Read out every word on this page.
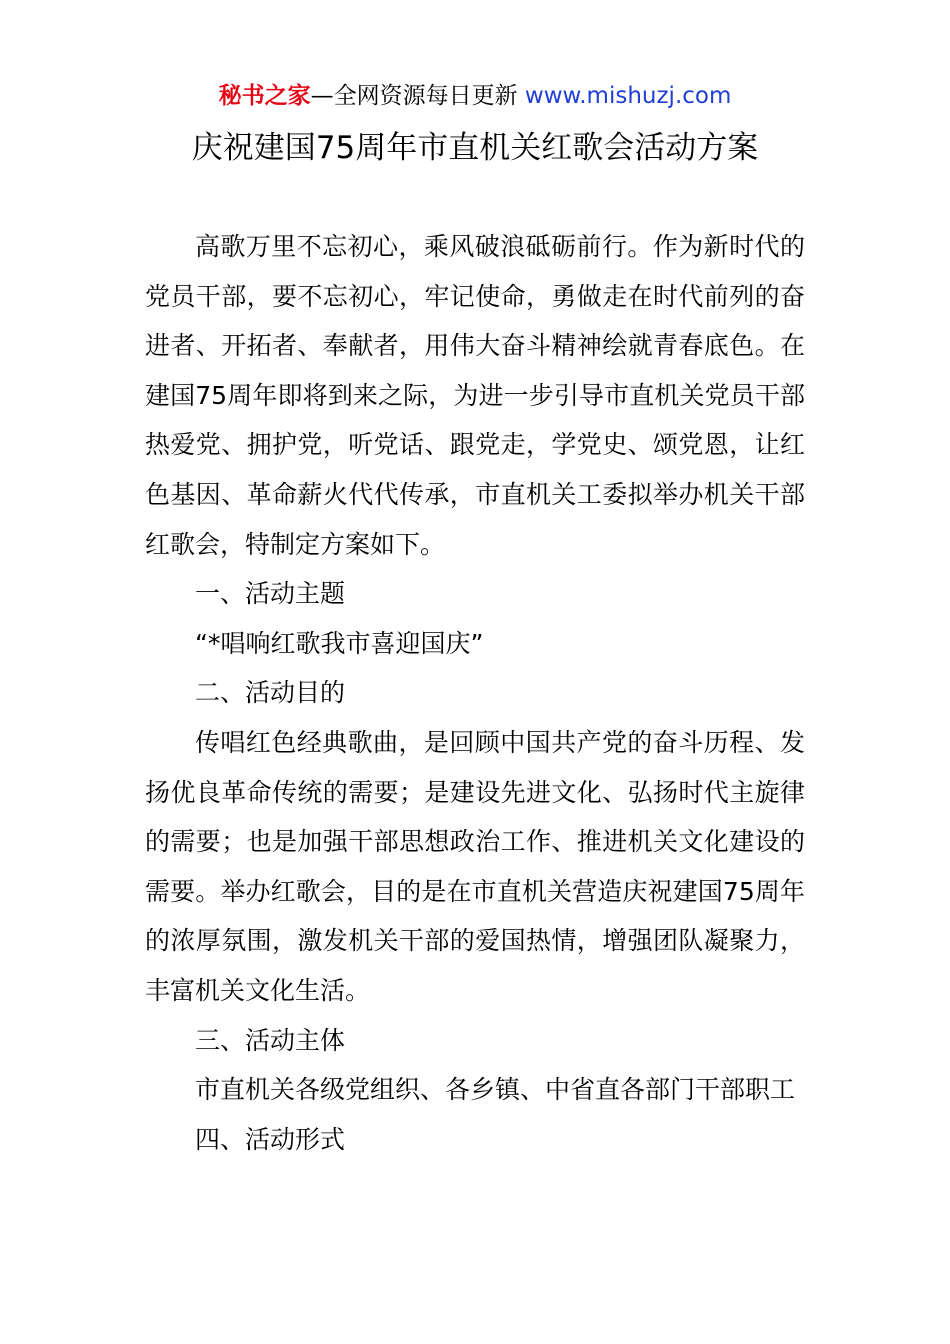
秘书之家—全网资源每日更新 www.mishuzj.com
庆祝建国75周年市直机关红歌会活动方案

高歌万里不忘初心，乘风破浪砥砺前行。作为新时代的党员干部，要不忘初心，牢记使命，勇做走在时代前列的奋进者、开拓者、奉献者，用伟大奋斗精神绘就青春底色。在建国75周年即将到来之际，为进一步引导市直机关党员干部热爱党、拥护党，听党话、跟党走，学党史、颂党恩，让红色基因、革命薪火代代传承，市直机关工委拟举办机关干部红歌会，特制定方案如下。

一、活动主题

“*唱响红歌我市喜迎国庆”

二、活动目的

传唱红色经典歌曲，是回顾中国共产党的奋斗历程、发扬优良革命传统的需要；是建设先进文化、弘扬时代主旋律的需要；也是加强干部思想政治工作、推进机关文化建设的需要。举办红歌会，目的是在市直机关营造庆祝建国75周年的浓厚氛围，激发机关干部的爱国热情，增强团队凝聚力，丰富机关文化生活。

三、活动主体

市直机关各级党组织、各乡镇、中省直各部门干部职工

四、活动形式
